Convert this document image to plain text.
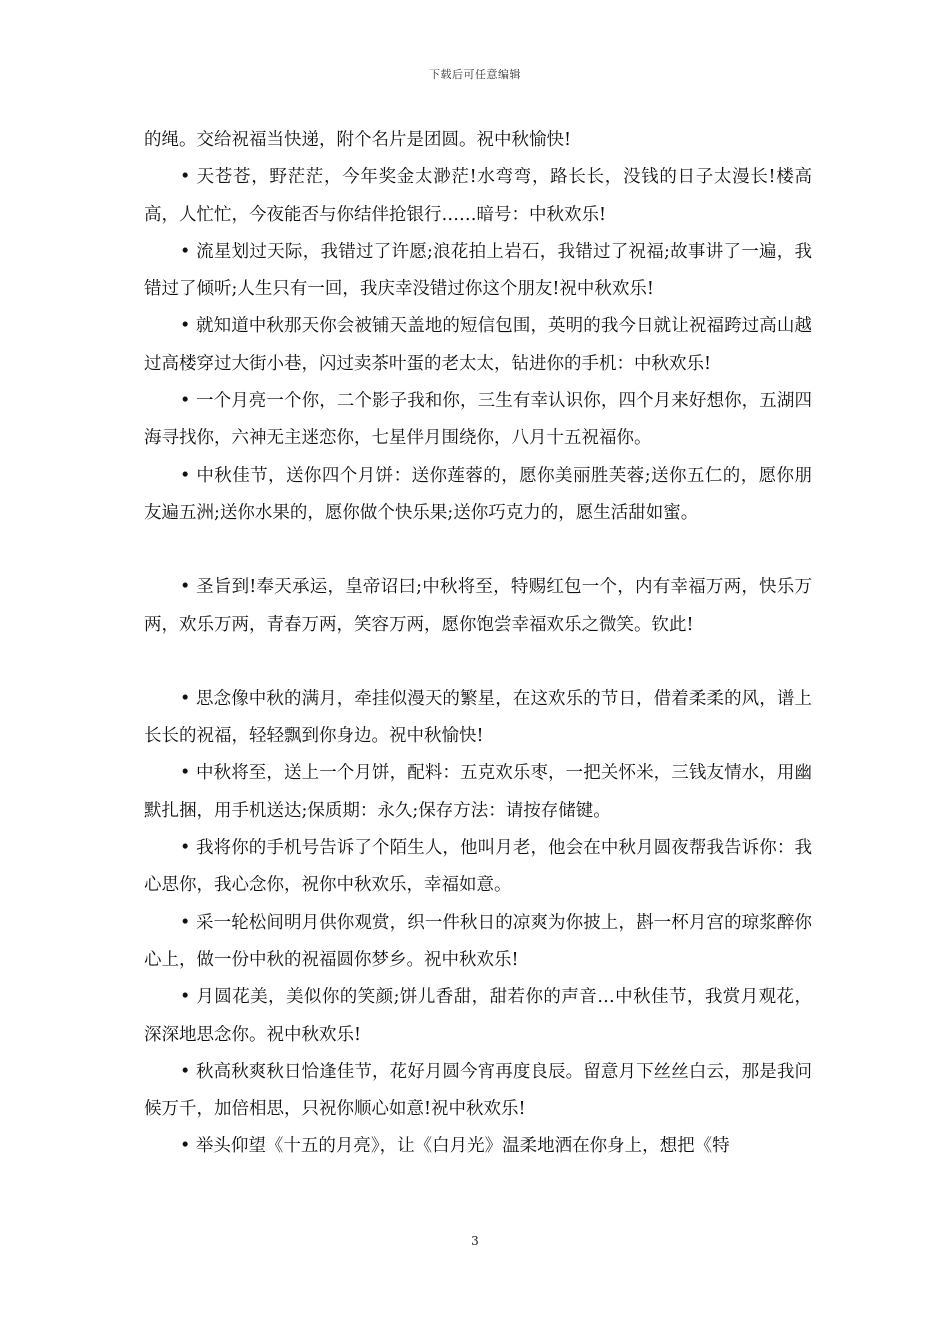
下载后可任意编辑

的绳。交给祝福当快递，附个名片是团圆。祝中秋愉快!

• 天苍苍，野茫茫，今年奖金太渺茫!水弯弯，路长长，没钱的日子太漫长!楼高高，人忙忙，今夜能否与你结伴抢银行……暗号：中秋欢乐!

• 流星划过天际，我错过了许愿;浪花拍上岩石，我错过了祝福;故事讲了一遍，我错过了倾听;人生只有一回，我庆幸没错过你这个朋友!祝中秋欢乐!

• 就知道中秋那天你会被铺天盖地的短信包围，英明的我今日就让祝福跨过高山越过高楼穿过大街小巷，闪过卖茶叶蛋的老太太，钻进你的手机：中秋欢乐!

• 一个月亮一个你，二个影子我和你，三生有幸认识你，四个月来好想你，五湖四海寻找你，六神无主迷恋你，七星伴月围绕你，八月十五祝福你。

• 中秋佳节，送你四个月饼：送你莲蓉的，愿你美丽胜芙蓉;送你五仁的，愿你朋友遍五洲;送你水果的，愿你做个快乐果;送你巧克力的，愿生活甜如蜜。

• 圣旨到!奉天承运，皇帝诏曰;中秋将至，特赐红包一个，内有幸福万两，快乐万两，欢乐万两，青春万两，笑容万两，愿你饱尝幸福欢乐之微笑。钦此!

• 思念像中秋的满月，牵挂似漫天的繁星，在这欢乐的节日，借着柔柔的风，谱上长长的祝福，轻轻飘到你身边。祝中秋愉快!

• 中秋将至，送上一个月饼，配料：五克欢乐枣，一把关怀米，三钱友情水，用幽默扎捆，用手机送达;保质期：永久;保存方法：请按存储键。

• 我将你的手机号告诉了个陌生人，他叫月老，他会在中秋月圆夜帮我告诉你：我心思你，我心念你，祝你中秋欢乐，幸福如意。

• 采一轮松间明月供你观赏，织一件秋日的凉爽为你披上，斟一杯月宫的琼浆醉你心上，做一份中秋的祝福圆你梦乡。祝中秋欢乐!

• 月圆花美，美似你的笑颜;饼儿香甜，甜若你的声音…中秋佳节，我赏月观花，深深地思念你。祝中秋欢乐!

• 秋高秋爽秋日恰逢佳节，花好月圆今宵再度良辰。留意月下丝丝白云，那是我问候万千，加倍相思，只祝你顺心如意!祝中秋欢乐!

• 举头仰望《十五的月亮》，让《白月光》温柔地洒在你身上，想把《特

3
